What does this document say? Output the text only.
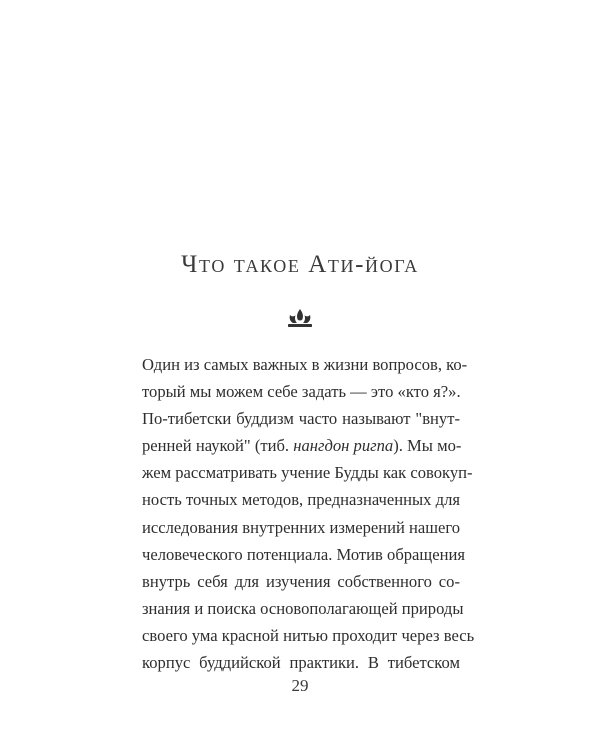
Что такое Ати-йога
Один из самых важных в жизни вопросов, ко-
торый мы можем себе задать — это «кто я?».
По-тибетски буддизм часто называют "внут-
ренней наукой" (тиб. нангдон ригпа). Мы мо-
жем рассматривать учение Будды как совокуп-
ность точных методов, предназначенных для
исследования внутренних измерений нашего
человеческого потенциала. Мотив обращения
внутрь себя для изучения собственного со-
знания и поиска основополагающей природы
своего ума красной нитью проходит через весь
корпус буддийской практики. В тибетском
29
